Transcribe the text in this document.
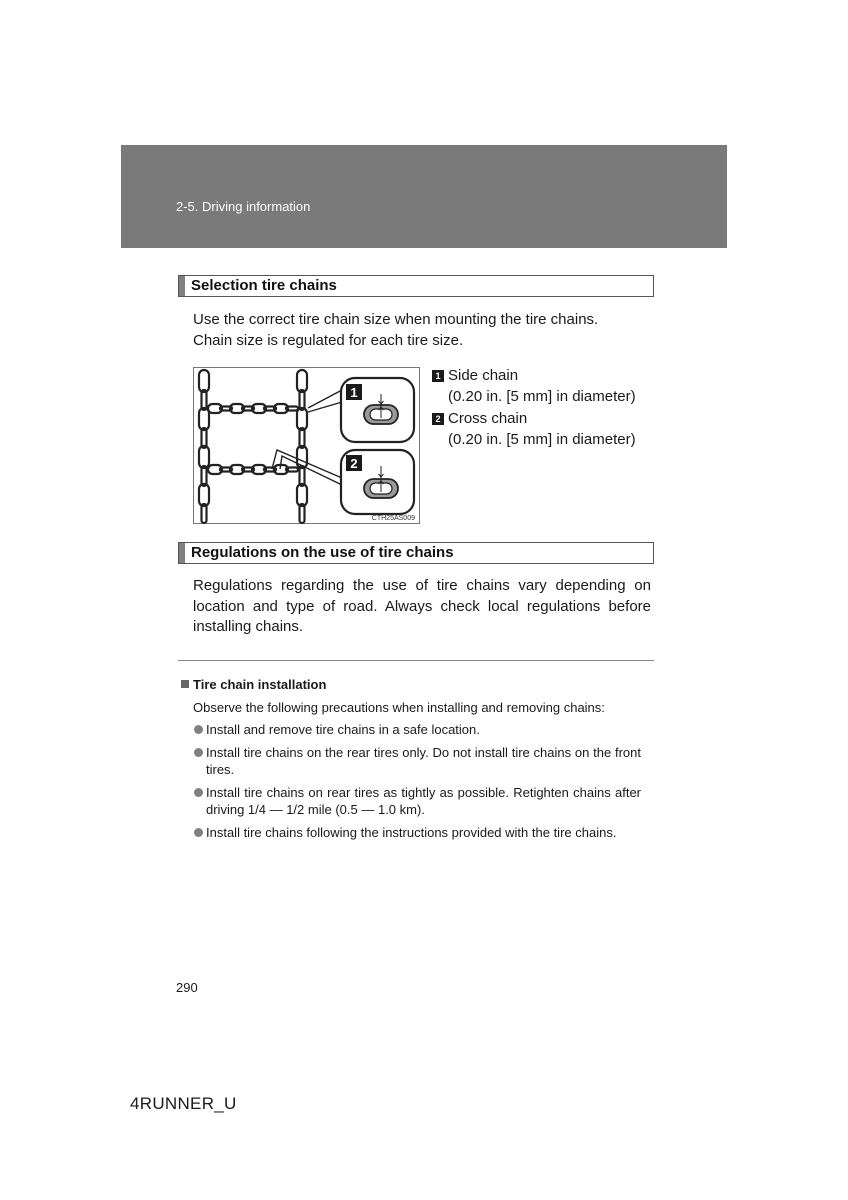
2-5. Driving information
Selection tire chains

Use the correct tire chain size when mounting the tire chains.

Chain size is regulated for each tire size.

1
2
CTH25AS009
1 Side chain
(0.20 in. [5 mm] in diameter)
2 Cross chain
(0.20 in. [5 mm] in diameter)
Regulations on the use of tire chains

Regulations regarding the use of tire chains vary depending on location and type of road. Always check local regulations before installing chains.

Tire chain installation
Observe the following precautions when installing and removing chains:
Install and remove tire chains in a safe location.
Install tire chains on the rear tires only. Do not install tire chains on the front tires.
Install tire chains on rear tires as tightly as possible. Retighten chains after driving 1/4 — 1/2 mile (0.5 — 1.0 km).
Install tire chains following the instructions provided with the tire chains.
290
4RUNNER_U
